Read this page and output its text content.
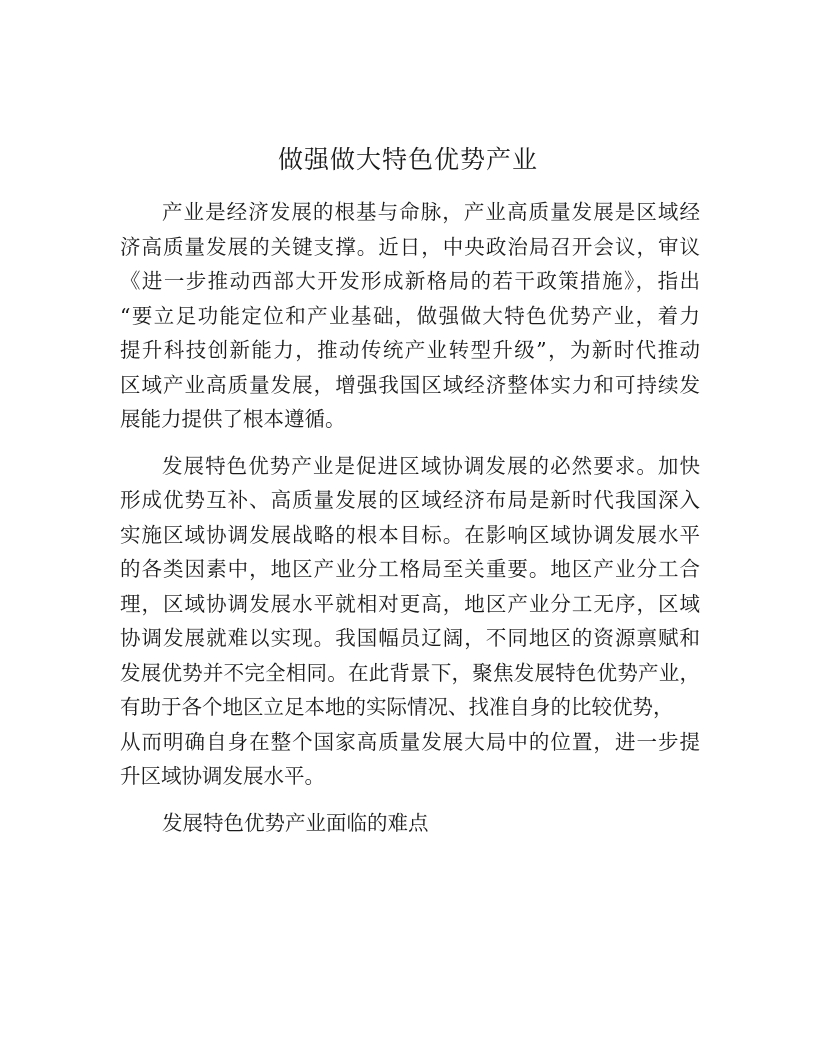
做强做大特色优势产业
产业是经济发展的根基与命脉，产业高质量发展是区域经
济高质量发展的关键支撑。近日，中央政治局召开会议，审议
《进一步推动西部大开发形成新格局的若干政策措施》，指出
“要立足功能定位和产业基础，做强做大特色优势产业，着力
提升科技创新能力，推动传统产业转型升级”，为新时代推动
区域产业高质量发展，增强我国区域经济整体实力和可持续发
展能力提供了根本遵循。
发展特色优势产业是促进区域协调发展的必然要求。加快
形成优势互补、高质量发展的区域经济布局是新时代我国深入
实施区域协调发展战略的根本目标。在影响区域协调发展水平
的各类因素中，地区产业分工格局至关重要。地区产业分工合
理，区域协调发展水平就相对更高，地区产业分工无序，区域
协调发展就难以实现。我国幅员辽阔，不同地区的资源禀赋和
发展优势并不完全相同。在此背景下，聚焦发展特色优势产业，
有助于各个地区立足本地的实际情况、找准自身的比较优势，
从而明确自身在整个国家高质量发展大局中的位置，进一步提
升区域协调发展水平。
发展特色优势产业面临的难点
